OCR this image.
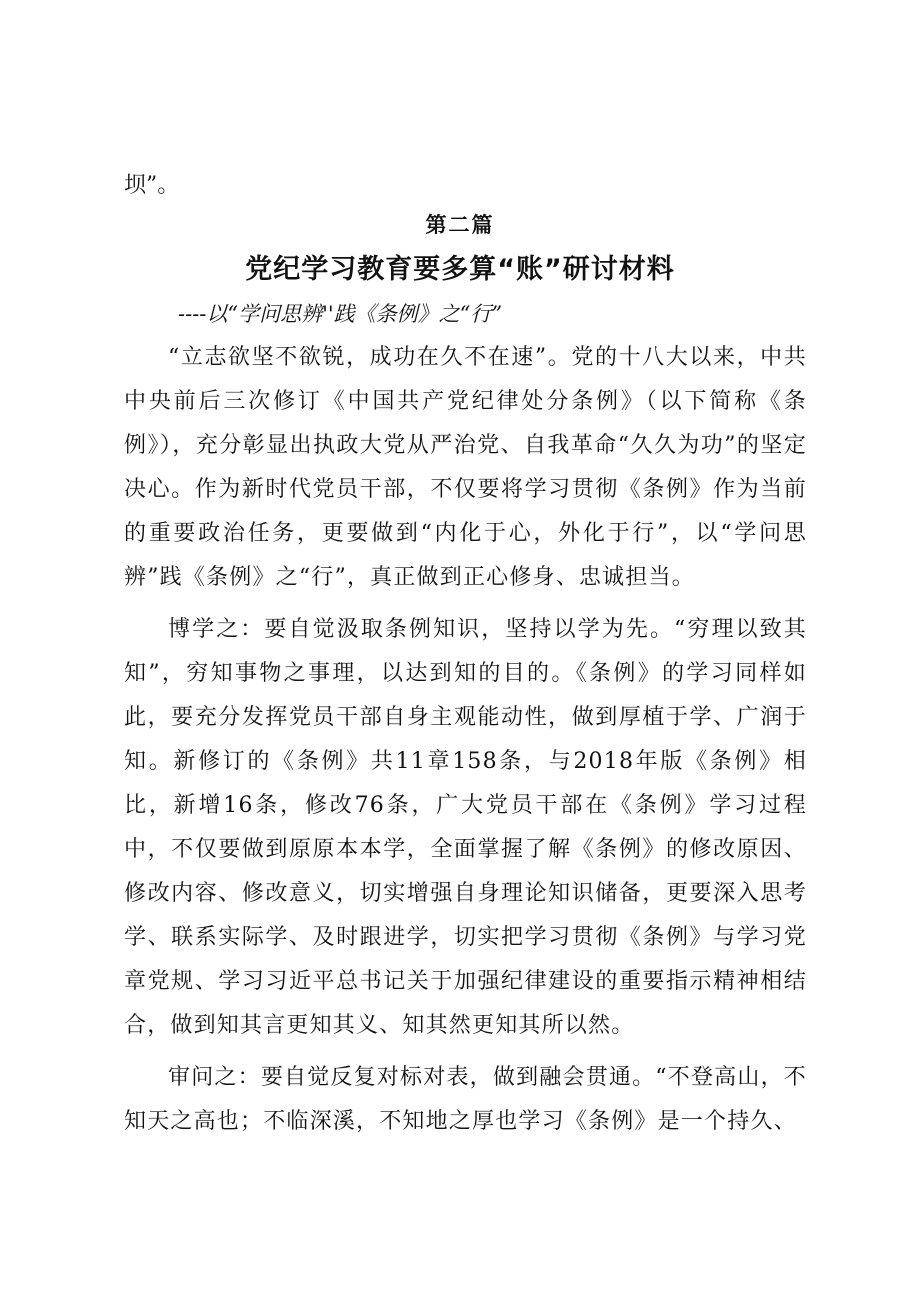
坝”。
第二篇
党纪学习教育要多算“账”研讨材料
----以“学问思辨''践《条例》之“行”

“立志欲坚不欲锐，成功在久不在速”。党的十八大以来，中共中央前后三次修订《中国共产党纪律处分条例》（以下简称《条例》），充分彰显出执政大党从严治党、自我革命“久久为功”的坚定决心。作为新时代党员干部，不仅要将学习贯彻《条例》作为当前的重要政治任务，更要做到“内化于心，外化于行”，以“学问思辨”践《条例》之“行”，真正做到正心修身、忠诚担当。

博学之：要自觉汲取条例知识，坚持以学为先。“穷理以致其知”，穷知事物之事理，以达到知的目的。《条例》的学习同样如此，要充分发挥党员干部自身主观能动性，做到厚植于学、广润于知。新修订的《条例》共11章158条，与2018年版《条例》相比，新增16条，修改76条，广大党员干部在《条例》学习过程中，不仅要做到原原本本学，全面掌握了解《条例》的修改原因、修改内容、修改意义，切实增强自身理论知识储备，更要深入思考学、联系实际学、及时跟进学，切实把学习贯彻《条例》与学习党章党规、学习习近平总书记关于加强纪律建设的重要指示精神相结合，做到知其言更知其义、知其然更知其所以然。

审问之：要自觉反复对标对表，做到融会贯通。“不登高山，不知天之高也；不临深溪，不知地之厚也学习《条例》是一个持久、
